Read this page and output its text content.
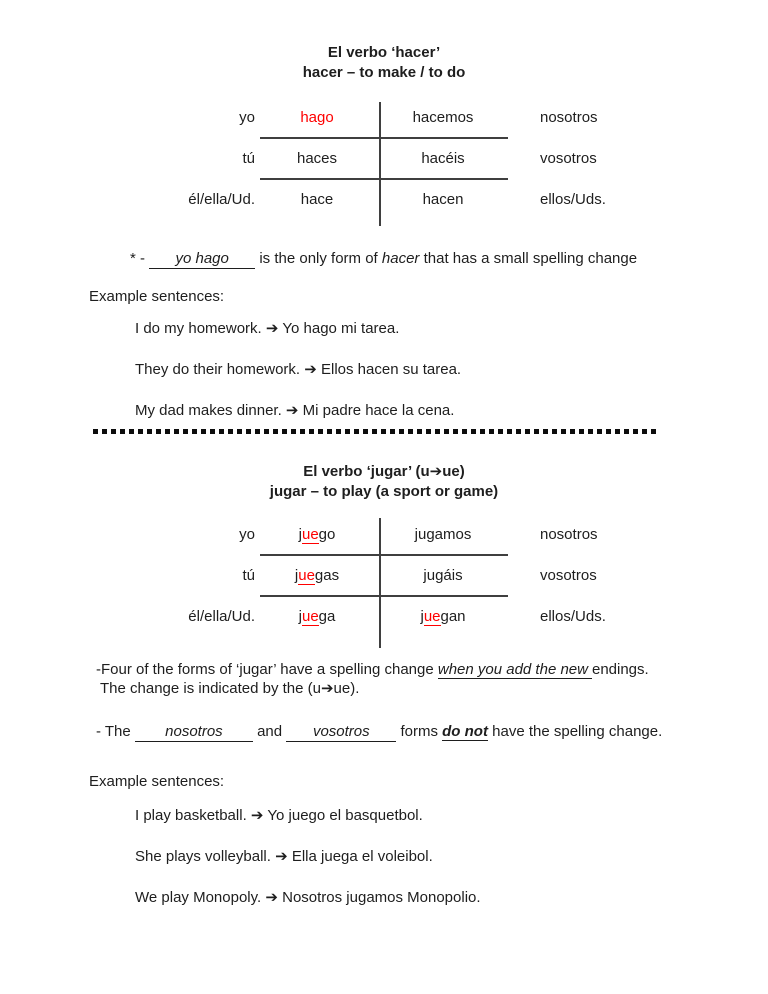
El verbo ‘hacer’
hacer – to make / to do
yo	hago	hacemos	nosotros
tú	haces	hacéis	vosotros
él/ella/Ud.	hace	hacen	ellos/Uds.
* - yo hago is the only form of hacer that has a small spelling change
Example sentences:
I do my homework. ➔ Yo hago mi tarea.
They do their homework. ➔ Ellos hacen su tarea.
My dad makes dinner. ➔ Mi padre hace la cena.
El verbo ‘jugar’ (u➔ue)
jugar – to play (a sport or game)
yo	juego	jugamos	nosotros
tú	juegas	jugáis	vosotros
él/ella/Ud.	juega	juegan	ellos/Uds.
-Four of the forms of ‘jugar’ have a spelling change when you add the new endings.
The change is indicated by the (u➔ue).
- The nosotros and vosotros forms do not have the spelling change.
Example sentences:
I play basketball. ➔ Yo juego el basquetbol.
She plays volleyball. ➔ Ella juega el voleibol.
We play Monopoly. ➔ Nosotros jugamos Monopolio.
